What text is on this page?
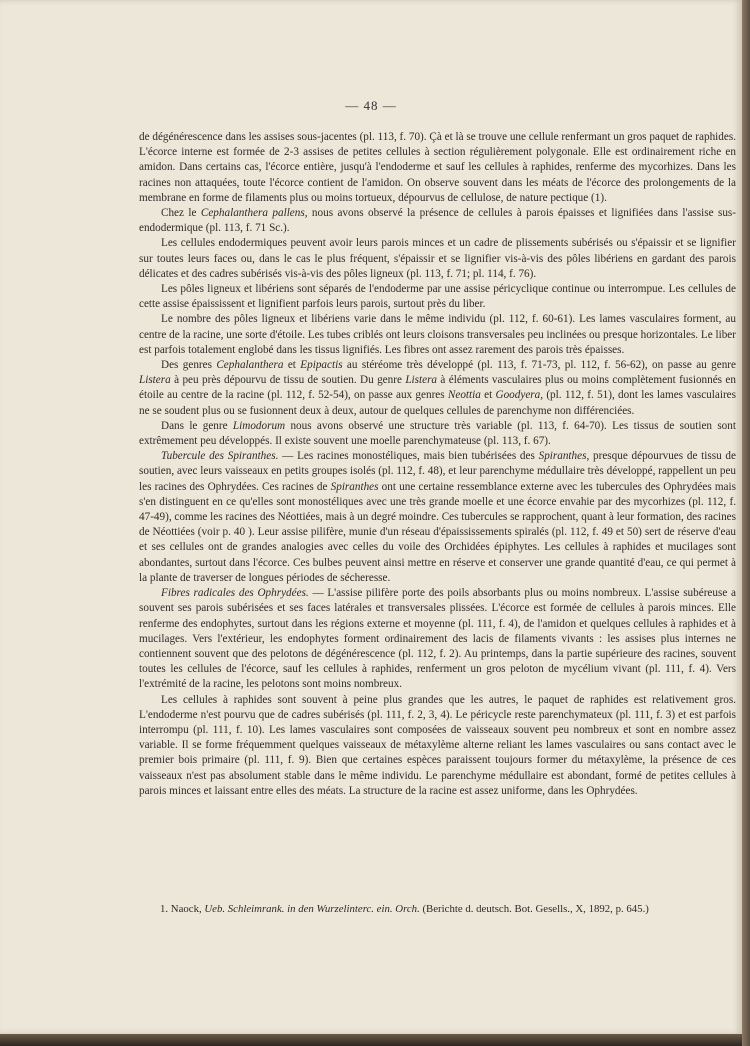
— 48 —

de dégénérescence dans les assises sous-jacentes (pl. 113, f. 70). Çà et là se trouve une cellule renfermant un gros paquet de raphides. L'écorce interne est formée de 2-3 assises de petites cellules à section régulièrement polygonale. Elle est ordinairement riche en amidon. Dans certains cas, l'écorce entière, jusqu'à l'endoderme et sauf les cellules à raphides, renferme des mycorhizes. Dans les racines non attaquées, toute l'écorce contient de l'amidon. On observe souvent dans les méats de l'écorce des prolongements de la membrane en forme de filaments plus ou moins tortueux, dépourvus de cellulose, de nature pectique (1).

Chez le Cephalanthera pallens, nous avons observé la présence de cellules à parois épaisses et lignifiées dans l'assise sus-endodermique (pl. 113, f. 71 Sc.).

Les cellules endodermiques peuvent avoir leurs parois minces et un cadre de plissements subérisés ou s'épaissir et se lignifier sur toutes leurs faces ou, dans le cas le plus fréquent, s'épaissir et se lignifier vis-à-vis des pôles libériens en gardant des parois délicates et des cadres subérisés vis-à-vis des pôles ligneux (pl. 113, f. 71; pl. 114, f. 76).

Les pôles ligneux et libériens sont séparés de l'endoderme par une assise péricyclique continue ou interrompue. Les cellules de cette assise épaississent et lignifient parfois leurs parois, surtout près du liber.

Le nombre des pôles ligneux et libériens varie dans le même individu (pl. 112, f. 60-61). Les lames vasculaires forment, au centre de la racine, une sorte d'étoile. Les tubes criblés ont leurs cloisons transversales peu inclinées ou presque horizontales. Le liber est parfois totalement englobé dans les tissus lignifiés. Les fibres ont assez rarement des parois très épaisses.

Des genres Cephalanthera et Epipactis au stéréome très développé (pl. 113, f. 71-73, pl. 112, f. 56-62), on passe au genre Listera à peu près dépourvu de tissu de soutien. Du genre Listera à éléments vasculaires plus ou moins complètement fusionnés en étoile au centre de la racine (pl. 112, f. 52-54), on passe aux genres Neottia et Goodyera, (pl. 112, f. 51), dont les lames vasculaires ne se soudent plus ou se fusionnent deux à deux, autour de quelques cellules de parenchyme non différenciées.

Dans le genre Limodorum nous avons observé une structure très variable (pl. 113, f. 64-70). Les tissus de soutien sont extrêmement peu développés. Il existe souvent une moelle parenchymateuse (pl. 113, f. 67).

Tubercule des Spiranthes. — Les racines monostéliques, mais bien tubérisées des Spiranthes, presque dépourvues de tissu de soutien, avec leurs vaisseaux en petits groupes isolés (pl. 112, f. 48), et leur parenchyme médullaire très développé, rappellent un peu les racines des Ophrydées. Ces racines de Spiranthes ont une certaine ressemblance externe avec les tubercules des Ophrydées mais s'en distinguent en ce qu'elles sont monostéliques avec une très grande moelle et une écorce envahie par des mycorhizes (pl. 112, f. 47-49), comme les racines des Néottiées, mais à un degré moindre. Ces tubercules se rapprochent, quant à leur formation, des racines de Néottiées (voir p. 40 ). Leur assise pilifère, munie d'un réseau d'épaississements spiralés (pl. 112, f. 49 et 50) sert de réserve d'eau et ses cellules ont de grandes analogies avec celles du voile des Orchidées épiphytes. Les cellules à raphides et mucilages sont abondantes, surtout dans l'écorce. Ces bulbes peuvent ainsi mettre en réserve et conserver une grande quantité d'eau, ce qui permet à la plante de traverser de longues périodes de sécheresse.

Fibres radicales des Ophrydées. — L'assise pilifère porte des poils absorbants plus ou moins nombreux. L'assise subéreuse a souvent ses parois subérisées et ses faces latérales et transversales plissées. L'écorce est formée de cellules à parois minces. Elle renferme des endophytes, surtout dans les régions externe et moyenne (pl. 111, f. 4), de l'amidon et quelques cellules à raphides et à mucilages. Vers l'extérieur, les endophytes forment ordinairement des lacis de filaments vivants : les assises plus internes ne contiennent souvent que des pelotons de dégénérescence (pl. 112, f. 2). Au printemps, dans la partie supérieure des racines, souvent toutes les cellules de l'écorce, sauf les cellules à raphides, renferment un gros peloton de mycélium vivant (pl. 111, f. 4). Vers l'extrémité de la racine, les pelotons sont moins nombreux.

Les cellules à raphides sont souvent à peine plus grandes que les autres, le paquet de raphides est relativement gros. L'endoderme n'est pourvu que de cadres subérisés (pl. 111, f. 2, 3, 4). Le péricycle reste parenchymateux (pl. 111, f. 3) et est parfois interrompu (pl. 111, f. 10). Les lames vasculaires sont composées de vaisseaux souvent peu nombreux et sont en nombre assez variable. Il se forme fréquemment quelques vaisseaux de métaxylème alterne reliant les lames vasculaires ou sans contact avec le premier bois primaire (pl. 111, f. 9). Bien que certaines espèces paraissent toujours former du métaxylème, la présence de ces vaisseaux n'est pas absolument stable dans le même individu. Le parenchyme médullaire est abondant, formé de petites cellules à parois minces et laissant entre elles des méats. La structure de la racine est assez uniforme, dans les Ophrydées.

1. Naock, Ueb. Schleimrank. in den Wurzelinterc. ein. Orch. (Berichte d. deutsch. Bot. Gesells., X, 1892, p. 645.)
